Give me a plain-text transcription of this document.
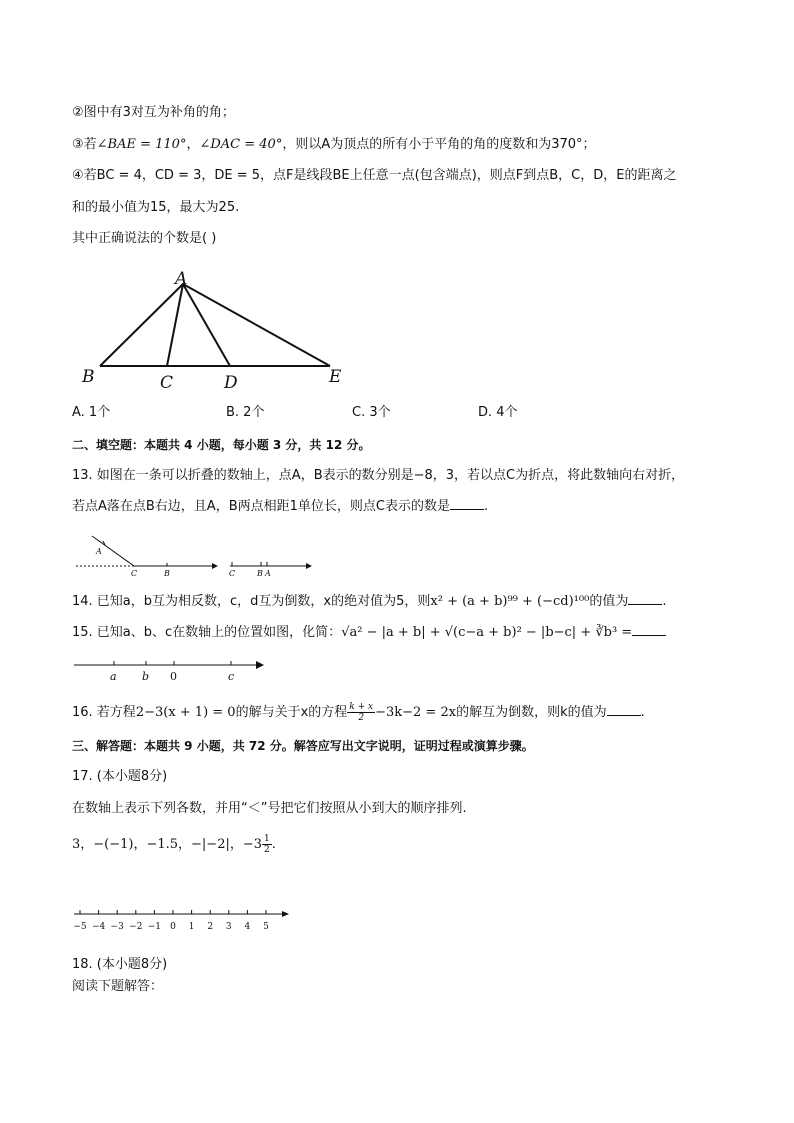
②图中有3对互为补角的角；
③若∠BAE = 110°，∠DAC = 40°，则以A为顶点的所有小于平角的角的度数和为370°；
④若BC = 4，CD = 3，DE = 5，点F是线段BE上任意一点(包含端点)，则点F到点B，C，D，E的距离之
和的最小值为15，最大为25.
其中正确说法的个数是( )
A
B	C	D	E
A. 1个	B. 2个	C. 3个	D. 4个
二、填空题：本题共 4 小题，每小题 3 分，共 12 分。
13. 如图在一条可以折叠的数轴上，点A，B表示的数分别是−8，3，若以点C为折点，将此数轴向右对折，
若点A落在点B右边，且A，B两点相距1单位长，则点C表示的数是	.
A
C	B	C	B A
14. 已知a，b互为相反数，c，d互为倒数，x的绝对值为5，则x² + (a + b)⁹⁹ + (−cd)¹⁰⁰的值为	.
15. 已知a、b、c在数轴上的位置如图，化简：√a² − |a + b| + √(c−a + b)² − |b−c| + ∛b³ =
a b 0	c
16. 若方程2−3(x + 1) = 0的解与关于x的方程 $\frac{k + x}{2} -3k-2 = 2x$的解互为倒数，则k的值为	.
三、解答题：本题共 9 小题，共 72 分。解答应写出文字说明，证明过程或演算步骤。
17. (本小题8分)
在数轴上表示下列各数，并用“＜”号把它们按照从小到大的顺序排列.
3，−(−1)，−1.5，−|−2|，$-3 \frac{1}{2}$ .
−5 −4 −3 −2 −1 0 1 2 3 4 5
18. (本小题8分)
阅读下题解答：
